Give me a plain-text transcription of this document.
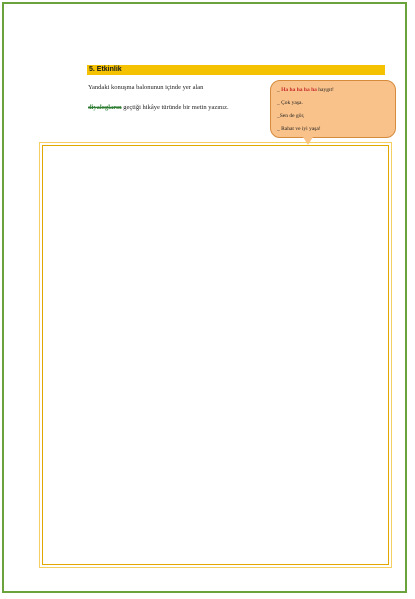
5. Etkinlik
Yandaki konuşma balonunun içinde yer alan
diyalogların geçtiği hikâye türünde bir metin yazınız.
_ Ha ha ha ha ha haygıt!
_ Çok yaşa.
_Sen de gör,
_ Rahat ve iyi yaşa!
